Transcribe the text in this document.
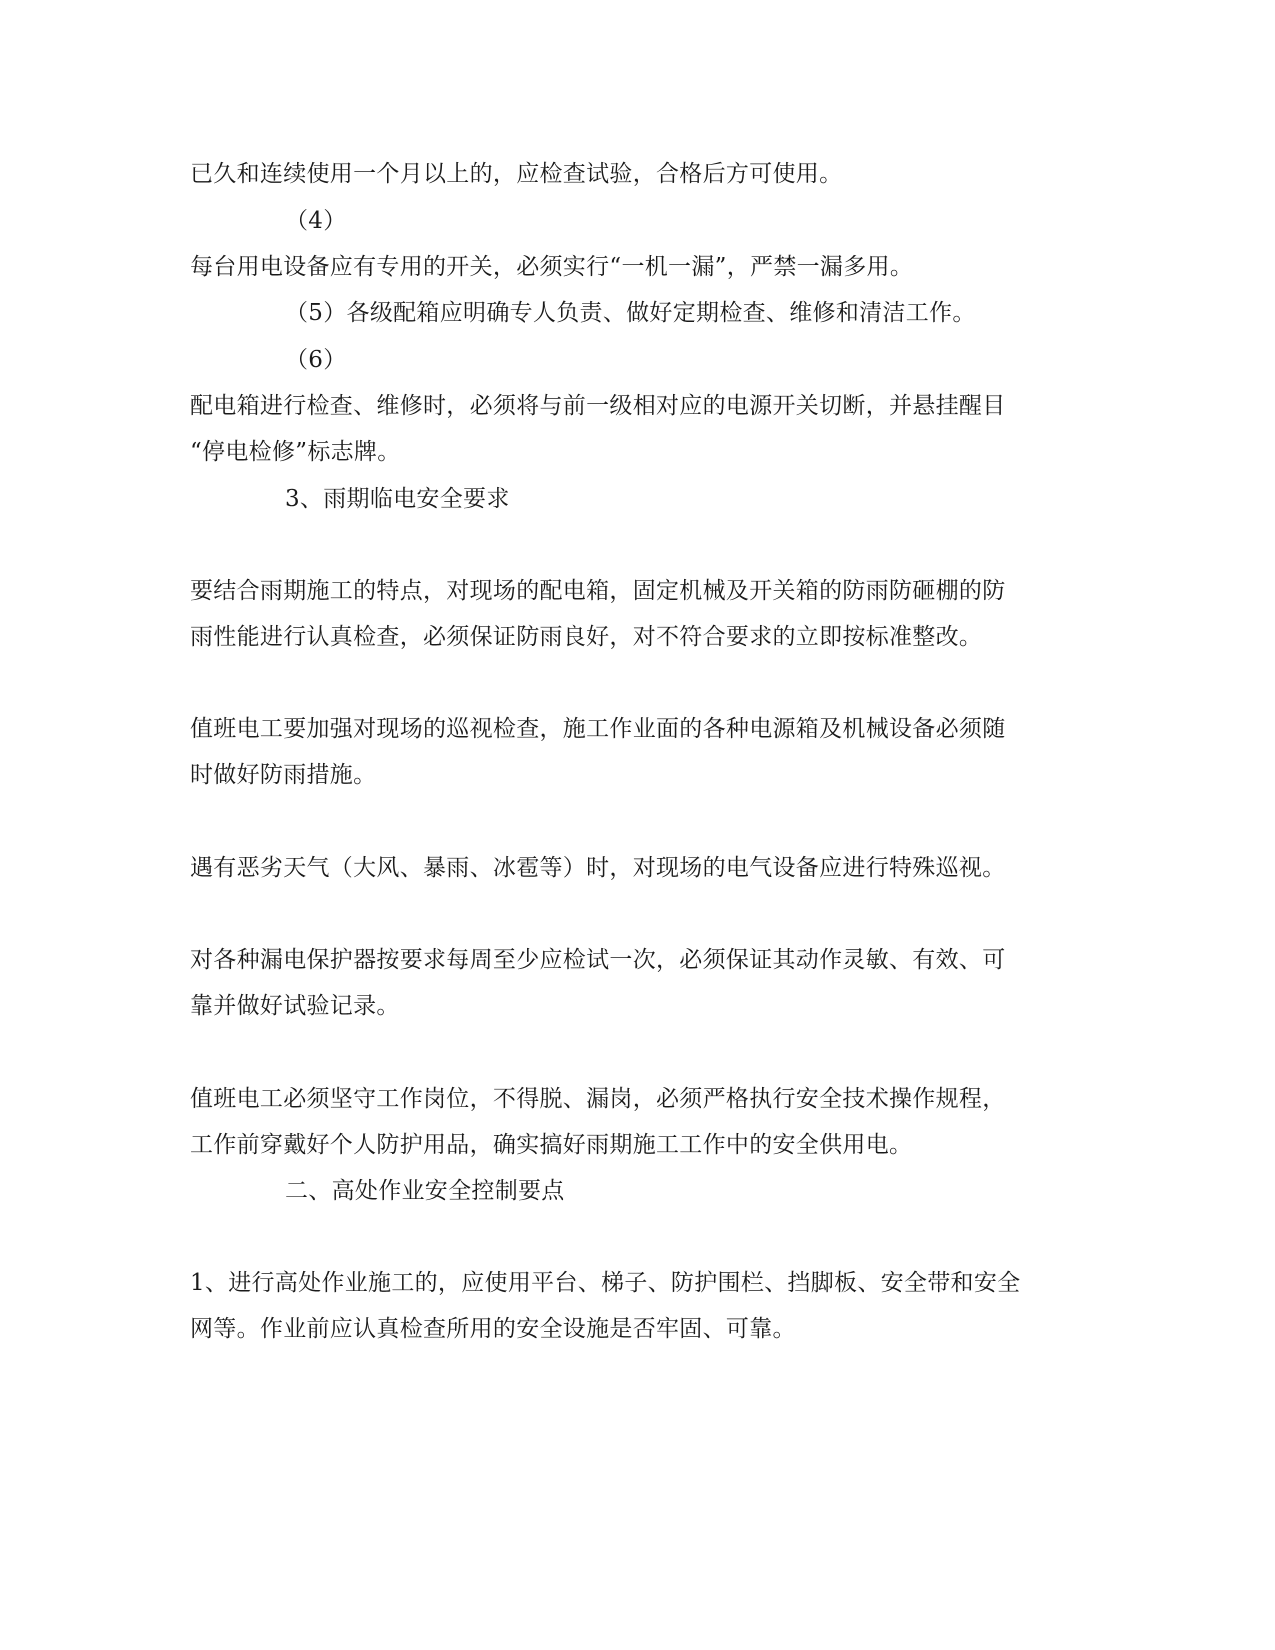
已久和连续使用一个月以上的，应检查试验，合格后方可使用。
（4）
每台用电设备应有专用的开关，必须实行“一机一漏”，严禁一漏多用。
（5）各级配箱应明确专人负责、做好定期检查、维修和清洁工作。
（6）
配电箱进行检查、维修时，必须将与前一级相对应的电源开关切断，并悬挂醒目
“停电检修”标志牌。
3、雨期临电安全要求
要结合雨期施工的特点，对现场的配电箱，固定机械及开关箱的防雨防砸棚的防
雨性能进行认真检查，必须保证防雨良好，对不符合要求的立即按标准整改。
值班电工要加强对现场的巡视检查，施工作业面的各种电源箱及机械设备必须随
时做好防雨措施。
遇有恶劣天气（大风、暴雨、冰雹等）时，对现场的电气设备应进行特殊巡视。
对各种漏电保护器按要求每周至少应检试一次，必须保证其动作灵敏、有效、可
靠并做好试验记录。
值班电工必须坚守工作岗位，不得脱、漏岗，必须严格执行安全技术操作规程，
工作前穿戴好个人防护用品，确实搞好雨期施工工作中的安全供用电。
二、高处作业安全控制要点
1、进行高处作业施工的，应使用平台、梯子、防护围栏、挡脚板、安全带和安全
网等。作业前应认真检查所用的安全设施是否牢固、可靠。
